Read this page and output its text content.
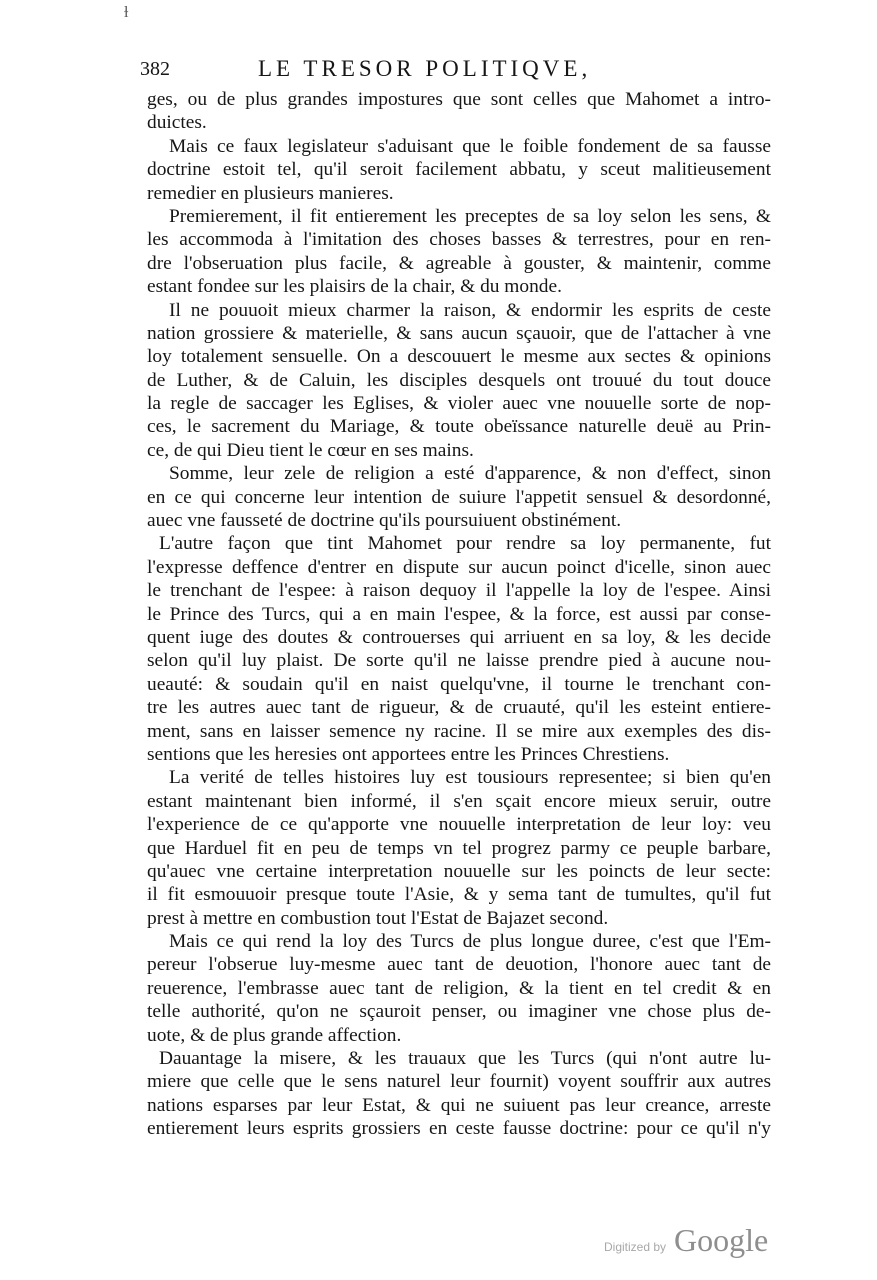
ɫ
382	LE TRESOR POLITIQVE,
ges, ou de plus grandes impostures que sont celles que Mahomet a intro-
duictes.
Mais ce faux legislateur s'aduisant que le foible fondement de sa fausse
doctrine estoit tel, qu'il seroit facilement abbatu, y sceut malitieusement
remedier en plusieurs manieres.
Premierement, il fit entierement les preceptes de sa loy selon les sens, &
les accommoda à l'imitation des choses basses & terrestres, pour en ren-
dre l'obseruation plus facile, & agreable à gouster, & maintenir, comme
estant fondee sur les plaisirs de la chair, & du monde.
Il ne pouuoit mieux charmer la raison, & endormir les esprits de ceste
nation grossiere & materielle, & sans aucun sçauoir, que de l'attacher à vne
loy totalement sensuelle. On a descouuert le mesme aux sectes & opinions
de Luther, & de Caluin, les disciples desquels ont trouué du tout douce
la regle de saccager les Eglises, & violer auec vne nouuelle sorte de nop-
ces, le sacrement du Mariage, & toute obeïssance naturelle deuë au Prin-
ce, de qui Dieu tient le cœur en ses mains.
Somme, leur zele de religion a esté d'apparence, & non d'effect, sinon
en ce qui concerne leur intention de suiure l'appetit sensuel & desordonné,
auec vne fausseté de doctrine qu'ils poursuiuent obstinément.
L'autre façon que tint Mahomet pour rendre sa loy permanente, fut
l'expresse deffence d'entrer en dispute sur aucun poinct d'icelle, sinon auec
le trenchant de l'espee: à raison dequoy il l'appelle la loy de l'espee. Ainsi
le Prince des Turcs, qui a en main l'espee, & la force, est aussi par conse-
quent iuge des doutes & controuerses qui arriuent en sa loy, & les decide
selon qu'il luy plaist. De sorte qu'il ne laisse prendre pied à aucune nou-
ueauté: & soudain qu'il en naist quelqu'vne, il tourne le trenchant con-
tre les autres auec tant de rigueur, & de cruauté, qu'il les esteint entiere-
ment, sans en laisser semence ny racine. Il se mire aux exemples des dis-
sentions que les heresies ont apportees entre les Princes Chrestiens.
La verité de telles histoires luy est tousiours representee; si bien qu'en
estant maintenant bien informé, il s'en sçait encore mieux seruir, outre
l'experience de ce qu'apporte vne nouuelle interpretation de leur loy: veu
que Harduel fit en peu de temps vn tel progrez parmy ce peuple barbare,
qu'auec vne certaine interpretation nouuelle sur les poincts de leur secte:
il fit esmouuoir presque toute l'Asie, & y sema tant de tumultes, qu'il fut
prest à mettre en combustion tout l'Estat de Bajazet second.
Mais ce qui rend la loy des Turcs de plus longue duree, c'est que l'Em-
pereur l'obserue luy-mesme auec tant de deuotion, l'honore auec tant de
reuerence, l'embrasse auec tant de religion, & la tient en tel credit & en
telle authorité, qu'on ne sçauroit penser, ou imaginer vne chose plus de-
uote, & de plus grande affection.
Dauantage la misere, & les trauaux que les Turcs (qui n'ont autre lu-
miere que celle que le sens naturel leur fournit) voyent souffrir aux autres
nations esparses par leur Estat, & qui ne suiuent pas leur creance, arreste
entierement leurs esprits grossiers en ceste fausse doctrine: pour ce qu'il n'y
Digitized by Google
